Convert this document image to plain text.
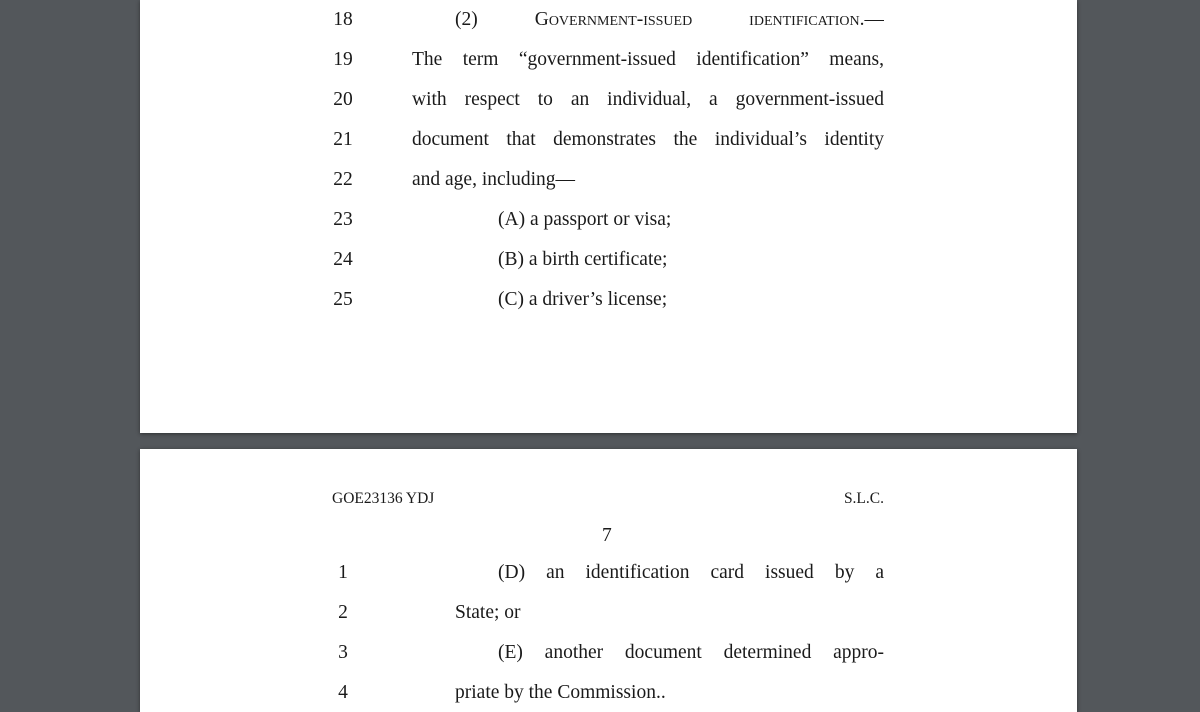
18	(2) Government-issued identification.—
19	The term “government-issued identification” means,
20	with respect to an individual, a government-issued
21	document that demonstrates the individual’s identity
22	and age, including—
23	(A) a passport or visa;
24	(B) a birth certificate;
25	(C) a driver’s license;
GOE23136 YDJ	S.L.C.
7
1	(D) an identification card issued by a
2	State; or
3	(E) another document determined appro-
4	priate by the Commission..
